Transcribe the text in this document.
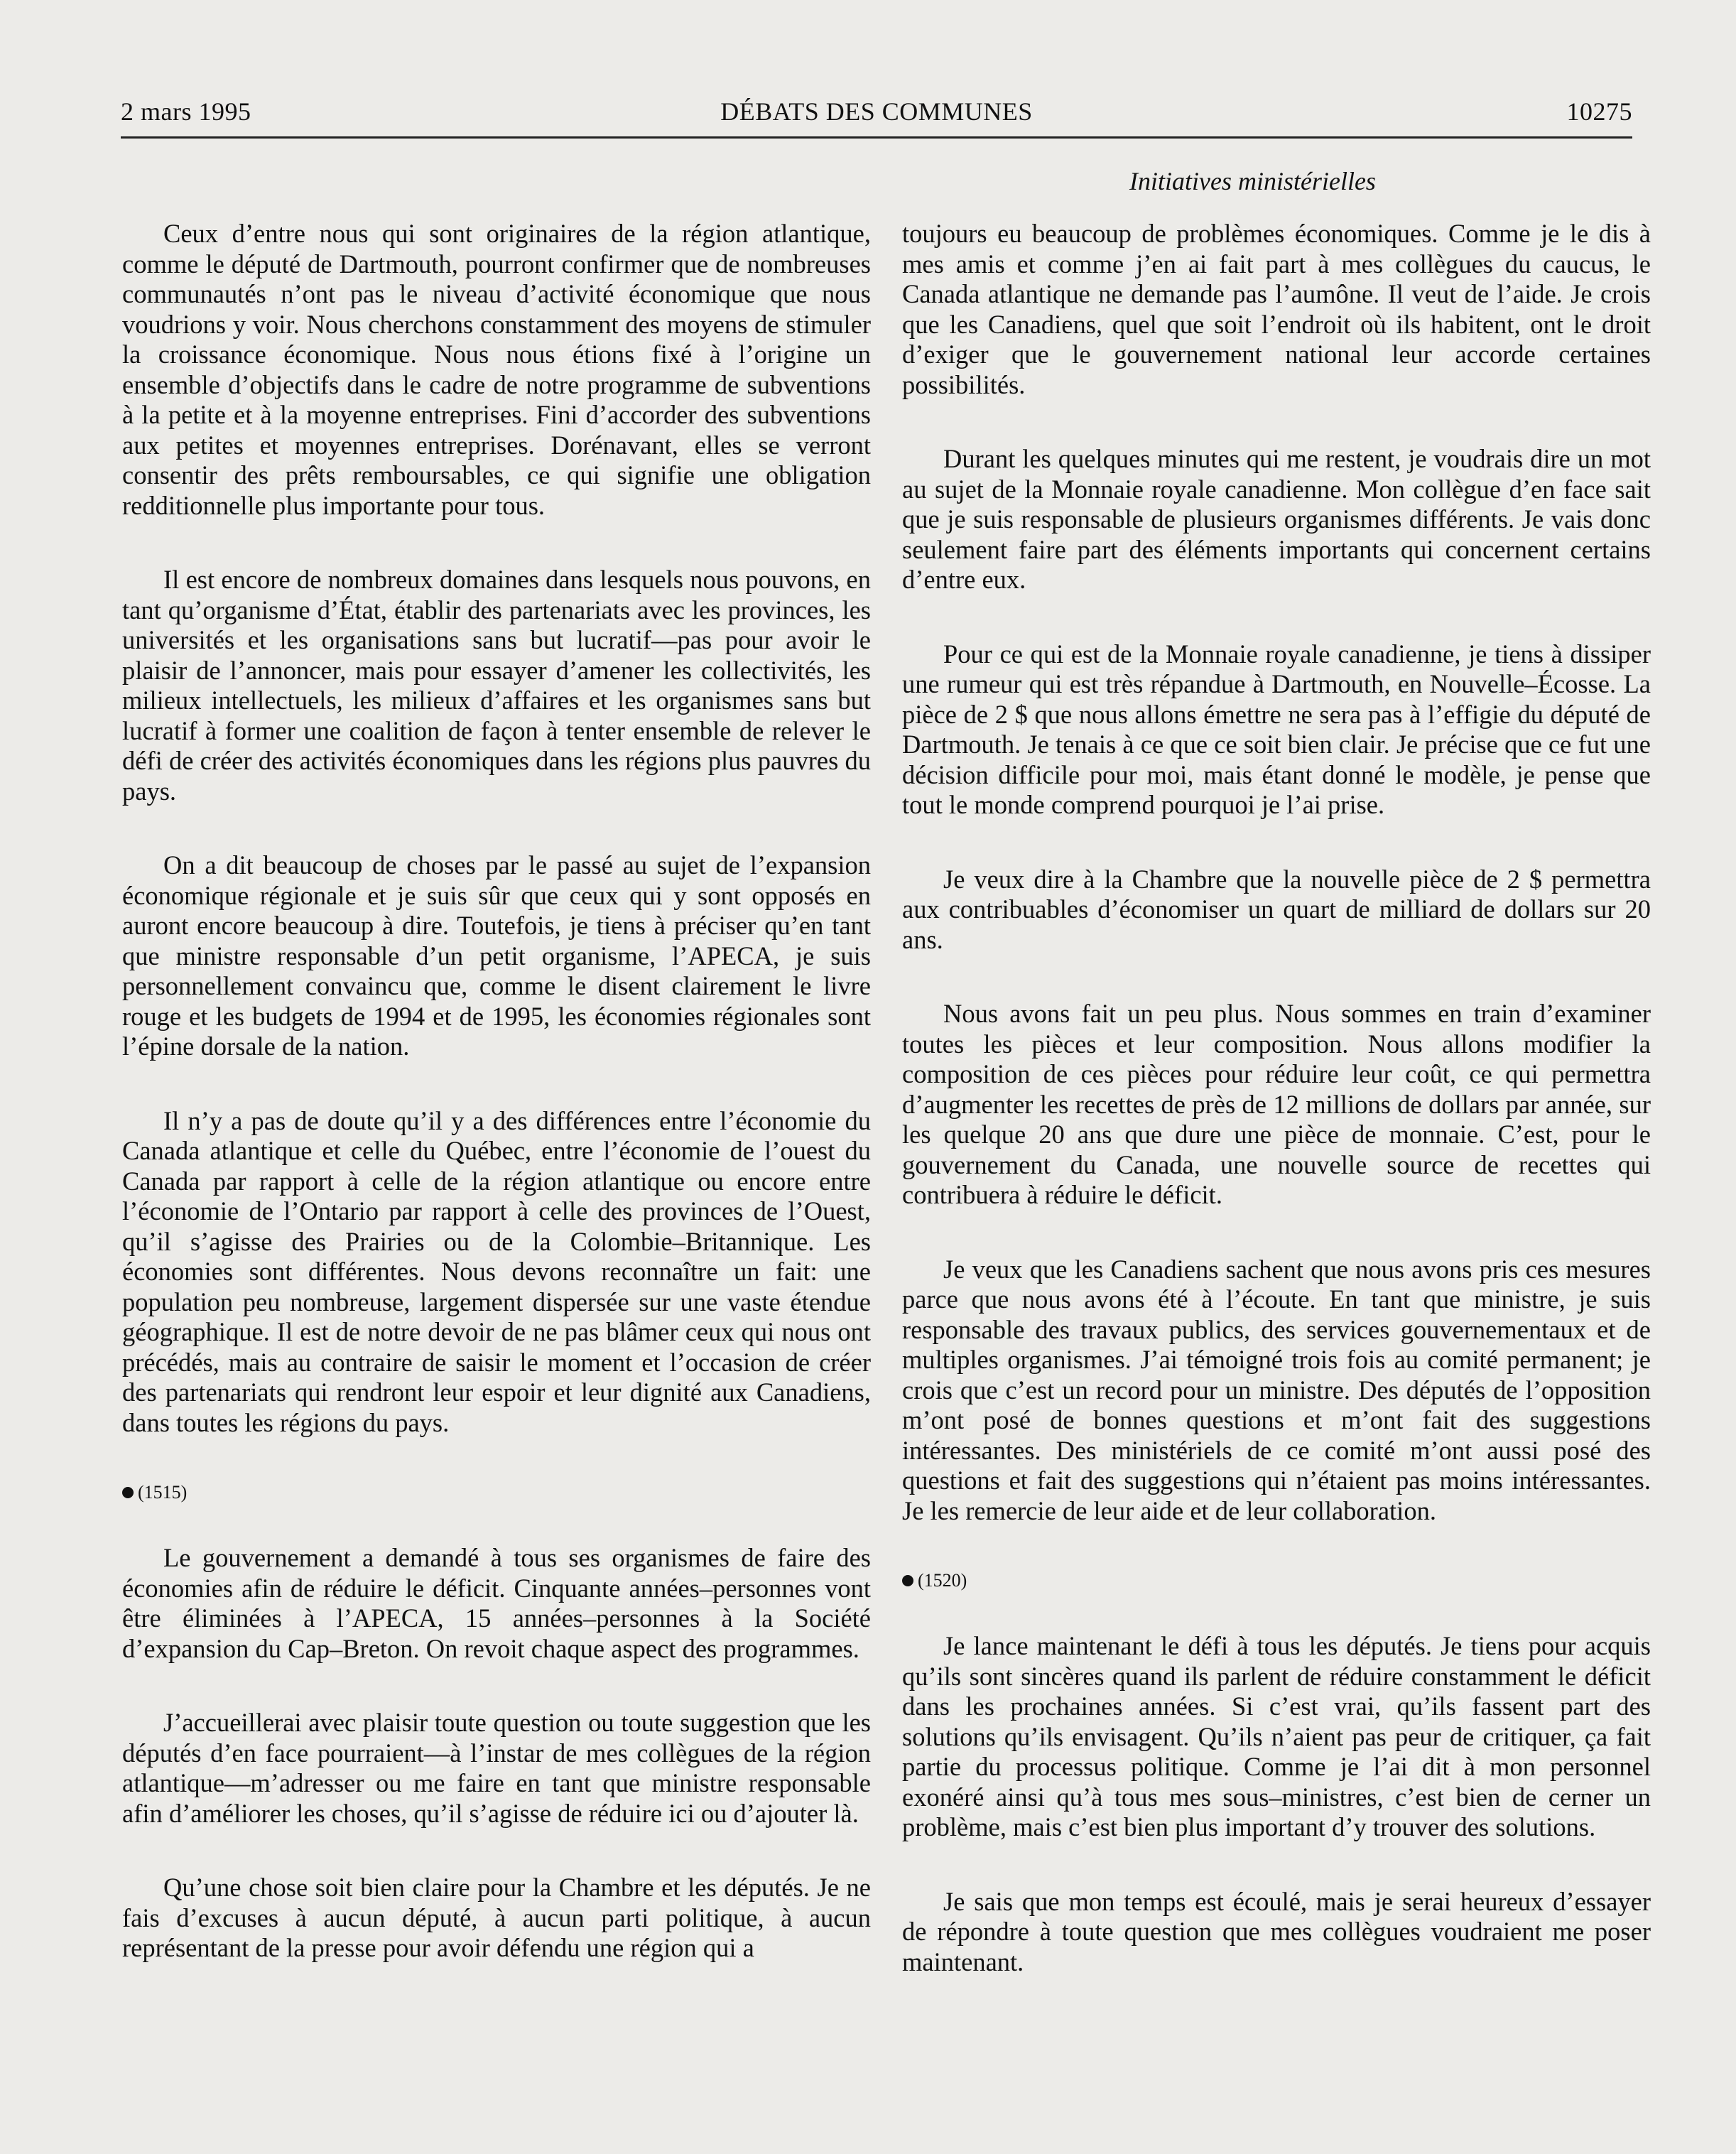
2 mars 1995	DÉBATS DES COMMUNES	10275
Initiatives ministérielles

Ceux d’entre nous qui sont originaires de la région atlantique, comme le député de Dartmouth, pourront confirmer que de nombreuses communautés n’ont pas le niveau d’activité économique que nous voudrions y voir. Nous cherchons constamment des moyens de stimuler la croissance économique. Nous nous étions fixé à l’origine un ensemble d’objectifs dans le cadre de notre programme de subventions à la petite et à la moyenne entreprises. Fini d’accorder des subventions aux petites et moyennes entreprises. Dorénavant, elles se verront consentir des prêts remboursables, ce qui signifie une obligation redditionnelle plus importante pour tous.

Il est encore de nombreux domaines dans lesquels nous pouvons, en tant qu’organisme d’État, établir des partenariats avec les provinces, les universités et les organisations sans but lucratif—pas pour avoir le plaisir de l’annoncer, mais pour essayer d’amener les collectivités, les milieux intellectuels, les milieux d’affaires et les organismes sans but lucratif à former une coalition de façon à tenter ensemble de relever le défi de créer des activités économiques dans les régions plus pauvres du pays.

On a dit beaucoup de choses par le passé au sujet de l’expansion économique régionale et je suis sûr que ceux qui y sont opposés en auront encore beaucoup à dire. Toutefois, je tiens à préciser qu’en tant que ministre responsable d’un petit organisme, l’APECA, je suis personnellement convaincu que, comme le disent clairement le livre rouge et les budgets de 1994 et de 1995, les économies régionales sont l’épine dorsale de la nation.

Il n’y a pas de doute qu’il y a des différences entre l’économie du Canada atlantique et celle du Québec, entre l’économie de l’ouest du Canada par rapport à celle de la région atlantique ou encore entre l’économie de l’Ontario par rapport à celle des provinces de l’Ouest, qu’il s’agisse des Prairies ou de la Colombie–Britannique. Les économies sont différentes. Nous devons reconnaître un fait: une population peu nombreuse, largement dispersée sur une vaste étendue géographique. Il est de notre devoir de ne pas blâmer ceux qui nous ont précédés, mais au contraire de saisir le moment et l’occasion de créer des partenariats qui rendront leur espoir et leur dignité aux Canadiens, dans toutes les régions du pays.

(1515)

Le gouvernement a demandé à tous ses organismes de faire des économies afin de réduire le déficit. Cinquante années–personnes vont être éliminées à l’APECA, 15 années–personnes à la Société d’expansion du Cap–Breton. On revoit chaque aspect des programmes.

J’accueillerai avec plaisir toute question ou toute suggestion que les députés d’en face pourraient—à l’instar de mes collègues de la région atlantique—m’adresser ou me faire en tant que ministre responsable afin d’améliorer les choses, qu’il s’agisse de réduire ici ou d’ajouter là.

Qu’une chose soit bien claire pour la Chambre et les députés. Je ne fais d’excuses à aucun député, à aucun parti politique, à aucun représentant de la presse pour avoir défendu une région qui a

toujours eu beaucoup de problèmes économiques. Comme je le dis à mes amis et comme j’en ai fait part à mes collègues du caucus, le Canada atlantique ne demande pas l’aumône. Il veut de l’aide. Je crois que les Canadiens, quel que soit l’endroit où ils habitent, ont le droit d’exiger que le gouvernement national leur accorde certaines possibilités.

Durant les quelques minutes qui me restent, je voudrais dire un mot au sujet de la Monnaie royale canadienne. Mon collègue d’en face sait que je suis responsable de plusieurs organismes différents. Je vais donc seulement faire part des éléments importants qui concernent certains d’entre eux.

Pour ce qui est de la Monnaie royale canadienne, je tiens à dissiper une rumeur qui est très répandue à Dartmouth, en Nouvelle–Écosse. La pièce de 2 $ que nous allons émettre ne sera pas à l’effigie du député de Dartmouth. Je tenais à ce que ce soit bien clair. Je précise que ce fut une décision difficile pour moi, mais étant donné le modèle, je pense que tout le monde comprend pourquoi je l’ai prise.

Je veux dire à la Chambre que la nouvelle pièce de 2 $ permettra aux contribuables d’économiser un quart de milliard de dollars sur 20 ans.

Nous avons fait un peu plus. Nous sommes en train d’examiner toutes les pièces et leur composition. Nous allons modifier la composition de ces pièces pour réduire leur coût, ce qui permettra d’augmenter les recettes de près de 12 millions de dollars par année, sur les quelque 20 ans que dure une pièce de monnaie. C’est, pour le gouvernement du Canada, une nouvelle source de recettes qui contribuera à réduire le déficit.

Je veux que les Canadiens sachent que nous avons pris ces mesures parce que nous avons été à l’écoute. En tant que ministre, je suis responsable des travaux publics, des services gouvernementaux et de multiples organismes. J’ai témoigné trois fois au comité permanent; je crois que c’est un record pour un ministre. Des députés de l’opposition m’ont posé de bonnes questions et m’ont fait des suggestions intéressantes. Des ministériels de ce comité m’ont aussi posé des questions et fait des suggestions qui n’étaient pas moins intéressantes. Je les remercie de leur aide et de leur collaboration.

(1520)

Je lance maintenant le défi à tous les députés. Je tiens pour acquis qu’ils sont sincères quand ils parlent de réduire constamment le déficit dans les prochaines années. Si c’est vrai, qu’ils fassent part des solutions qu’ils envisagent. Qu’ils n’aient pas peur de critiquer, ça fait partie du processus politique. Comme je l’ai dit à mon personnel exonéré ainsi qu’à tous mes sous–ministres, c’est bien de cerner un problème, mais c’est bien plus important d’y trouver des solutions.

Je sais que mon temps est écoulé, mais je serai heureux d’essayer de répondre à toute question que mes collègues voudraient me poser maintenant.
